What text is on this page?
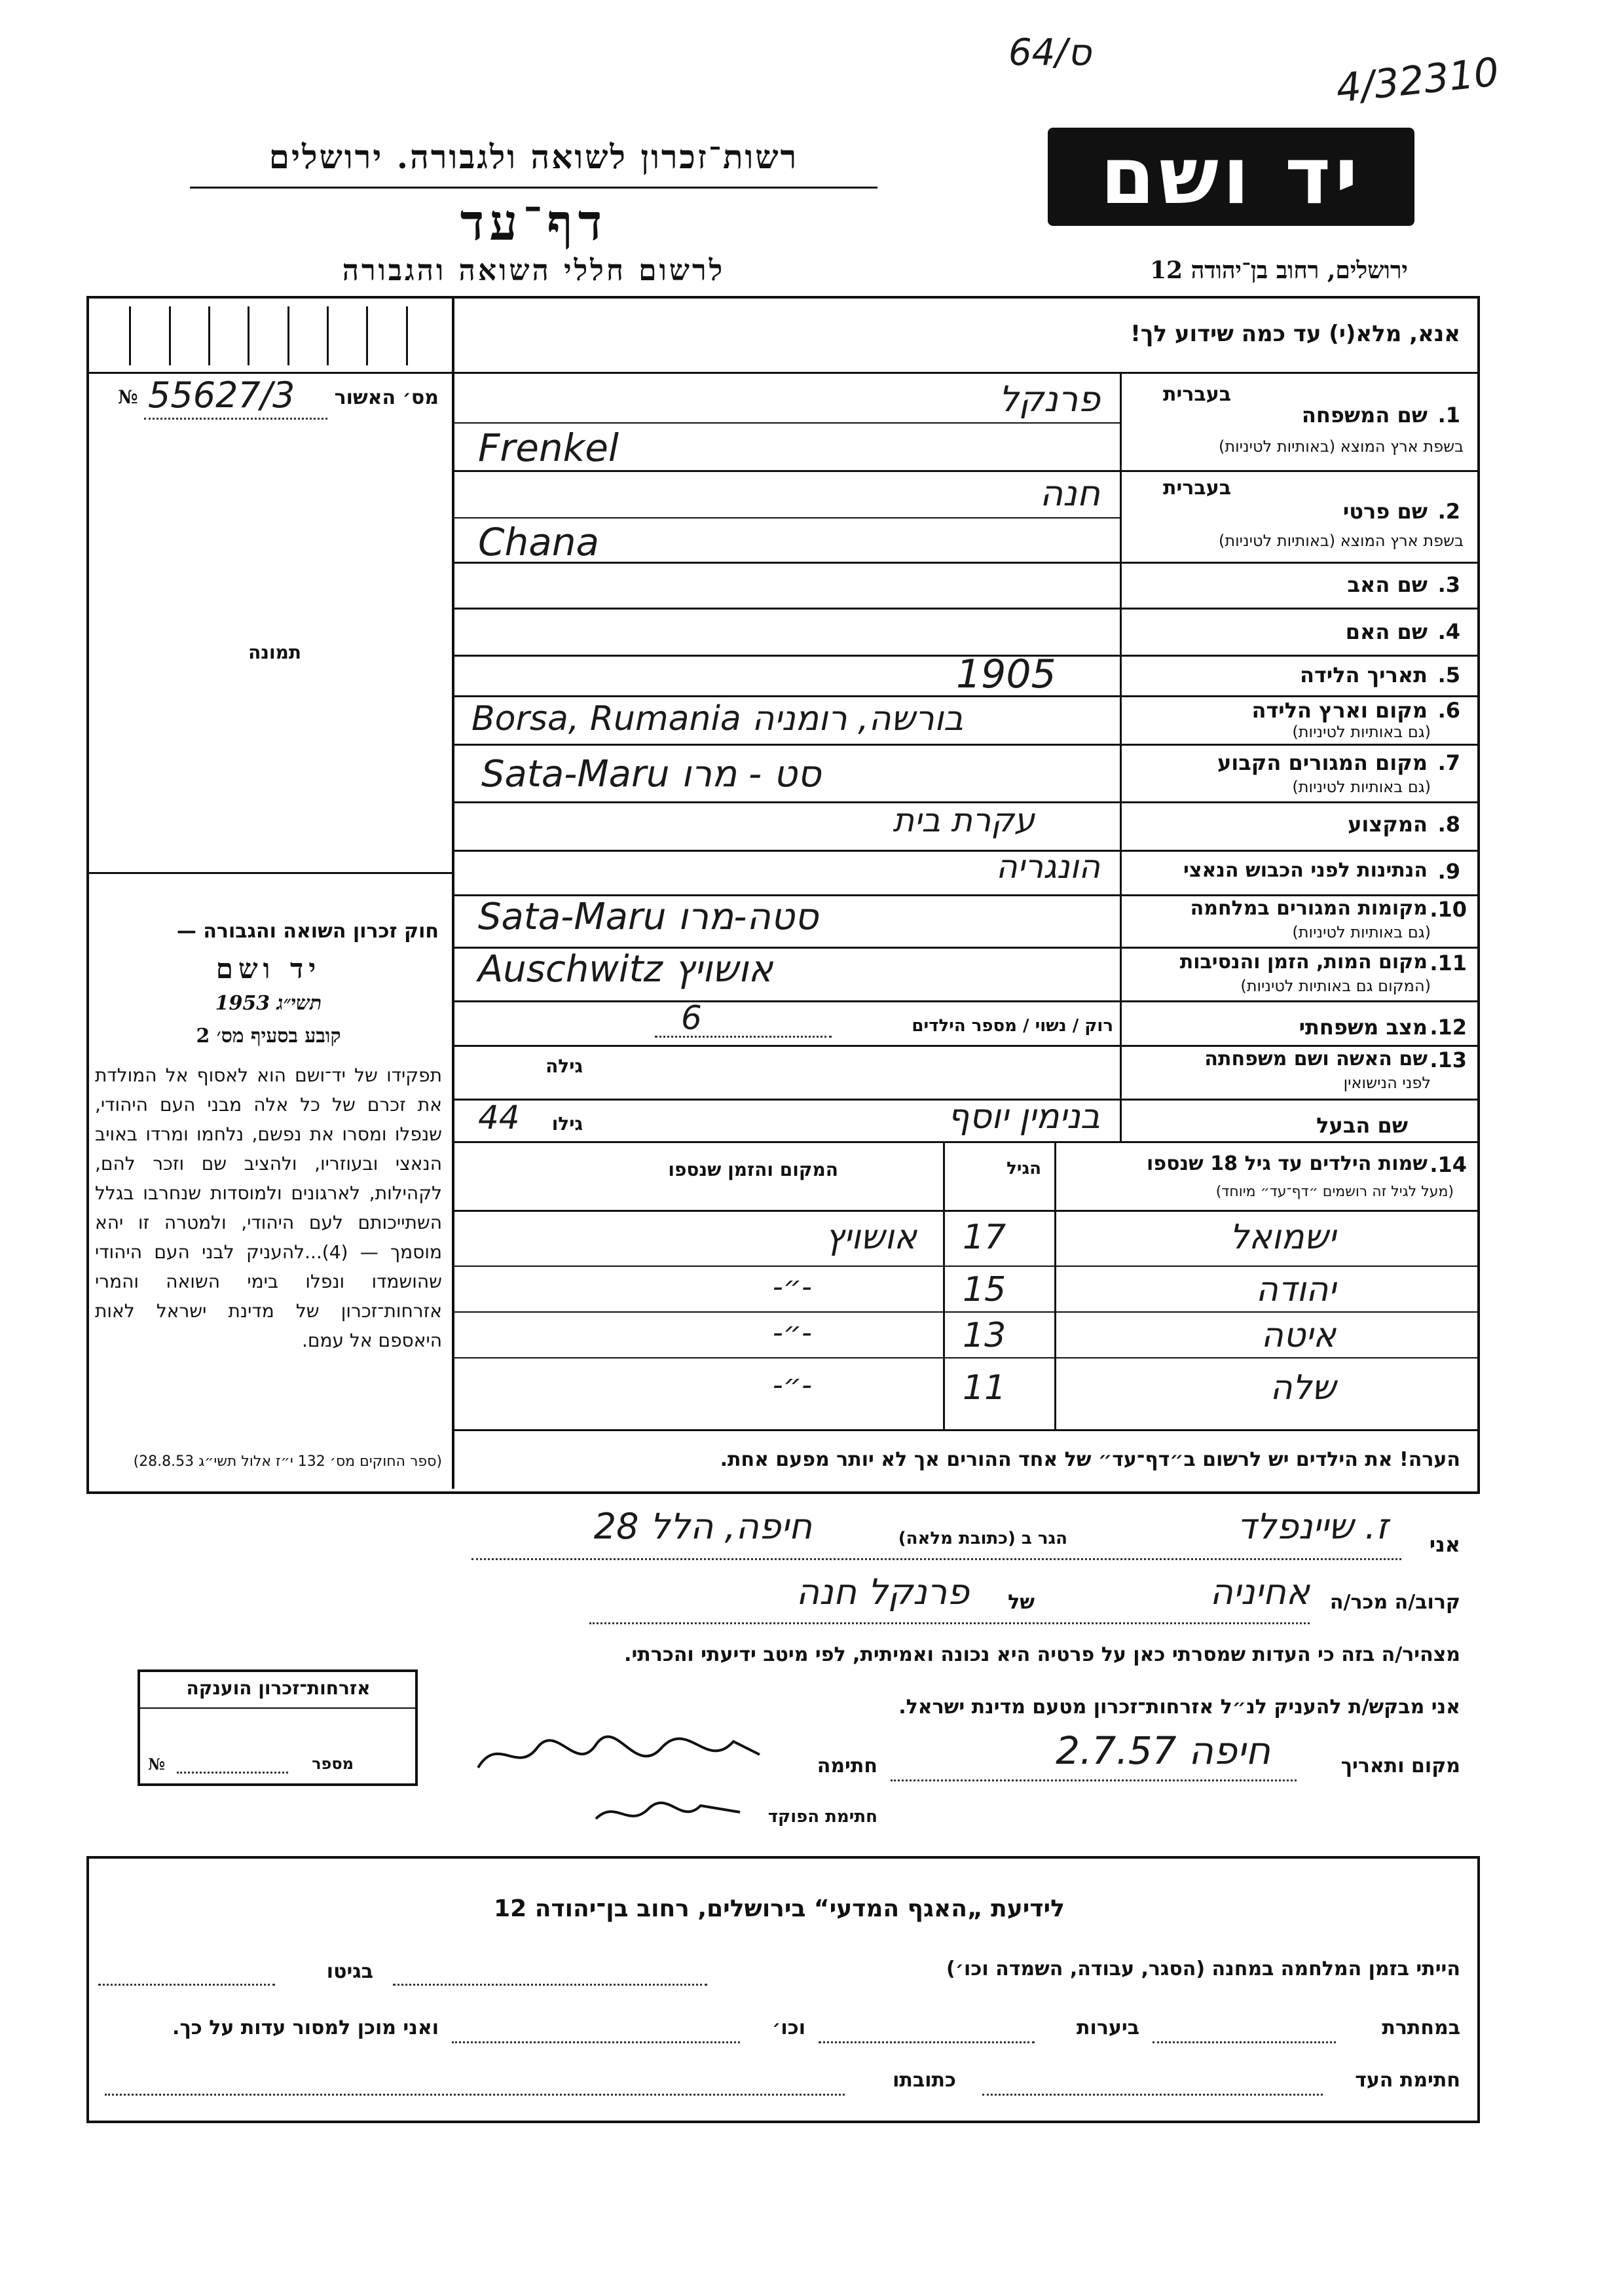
64/ס	4/32310
רשות־זכרון לשואה ולגבורה. ירושלים
דף־עד
לרשום חללי השואה והגבורה
יד ושם
ירושלים, רחוב בן־יהודה 12
№ 55627/3	מס׳ האשור
תמונה
חוק זכרון השואה והגבורה —
יד ושם
תשי״ג 1953
קובע בסעיף מס׳ 2
תפקידו של יד־ושם הוא לאסוף אל המולדת את זכרם של כל אלה מבני העם היהודי, שנפלו ומסרו את נפשם, נלחמו ומרדו באויב הנאצי ובעוזריו, ולהציב שם וזכר להם, לקהילות, לארגונים ולמוסדות שנחרבו בגלל השתייכותם לעם היהודי, ולמטרה זו יהא מוסמך — (4)...להעניק לבני העם היהודי שהושמדו ונפלו בימי השואה והמרי אזרחות־זכרון של מדינת ישראל לאות היאספם אל עמם.
(ספר החוקים מס׳ 132 י״ז אלול תשי״ג 28.8.53)
אנא, מלא(י) עד כמה שידוע לך!
בעברית
1.
שם המשפחה
בשפת ארץ המוצא (באותיות לטיניות)
פרנקל
Frenkel
בעברית
2.
שם פרטי
בשפת ארץ המוצא (באותיות לטיניות)
חנה
Chana
3.
שם האב
4.
שם האם
5.
תאריך הלידה
1905
6.
מקום וארץ הלידה
(גם באותיות לטיניות)
Borsa, Rumania בורשה, רומניה
7.
מקום המגורים הקבוע
(גם באותיות לטיניות)
Sata-Maru סט - מרו
8.
המקצוע
עקרת בית
9.
הנתינות לפני הכבוש הנאצי
הונגריה
10.
מקומות המגורים במלחמה
(גם באותיות לטיניות)
Sata-Maru סטה-מרו
11.
מקום המות, הזמן והנסיבות
(המקום גם באותיות לטיניות)
Auschwitz אושויץ
12.
מצב משפחתי
רוק / נשוי / מספר הילדים
6
13.
שם האשה ושם משפחתה
לפני הנישואין
גילה
שם הבעל
בנימין יוסף
גילו
44
14.
שמות הילדים עד גיל 18 שנספו
(מעל לגיל זה רושמים ״דף־עד״ מיוחד)
הגיל
המקום והזמן שנספו
ישמואל
17
אושויץ
יהודה
15
-״-
איטה
13
-״-
שלה
11
-״-
הערה! את הילדים יש לרשום ב״דף־עד״ של אחד ההורים אך לא יותר מפעם אחת.
אני
ז. שיינפלד
הגר ב (כתובת מלאה)
חיפה, הלל 28
קרוב/ה מכר/ה
אחיניה
של
פרנקל חנה
מצהיר/ה בזה כי העדות שמסרתי כאן על פרטיה היא נכונה ואמיתית, לפי מיטב ידיעתי והכרתי.
אני מבקש/ת להעניק לנ״ל אזרחות־זכרון מטעם מדינת ישראל.
מקום ותאריך
חיפה 2.7.57
חתימה
חתימת הפוקד
אזרחות־זכרון הוענקה
מספר
№
לידיעת „האגף המדעי“ בירושלים, רחוב בן־יהודה 12
הייתי בזמן המלחמה במחנה (הסגר, עבודה, השמדה וכו׳)
בגיטו
במחתרת
ביערות
וכו׳
ואני מוכן למסור עדות על כך.
חתימת העד
כתובתו
